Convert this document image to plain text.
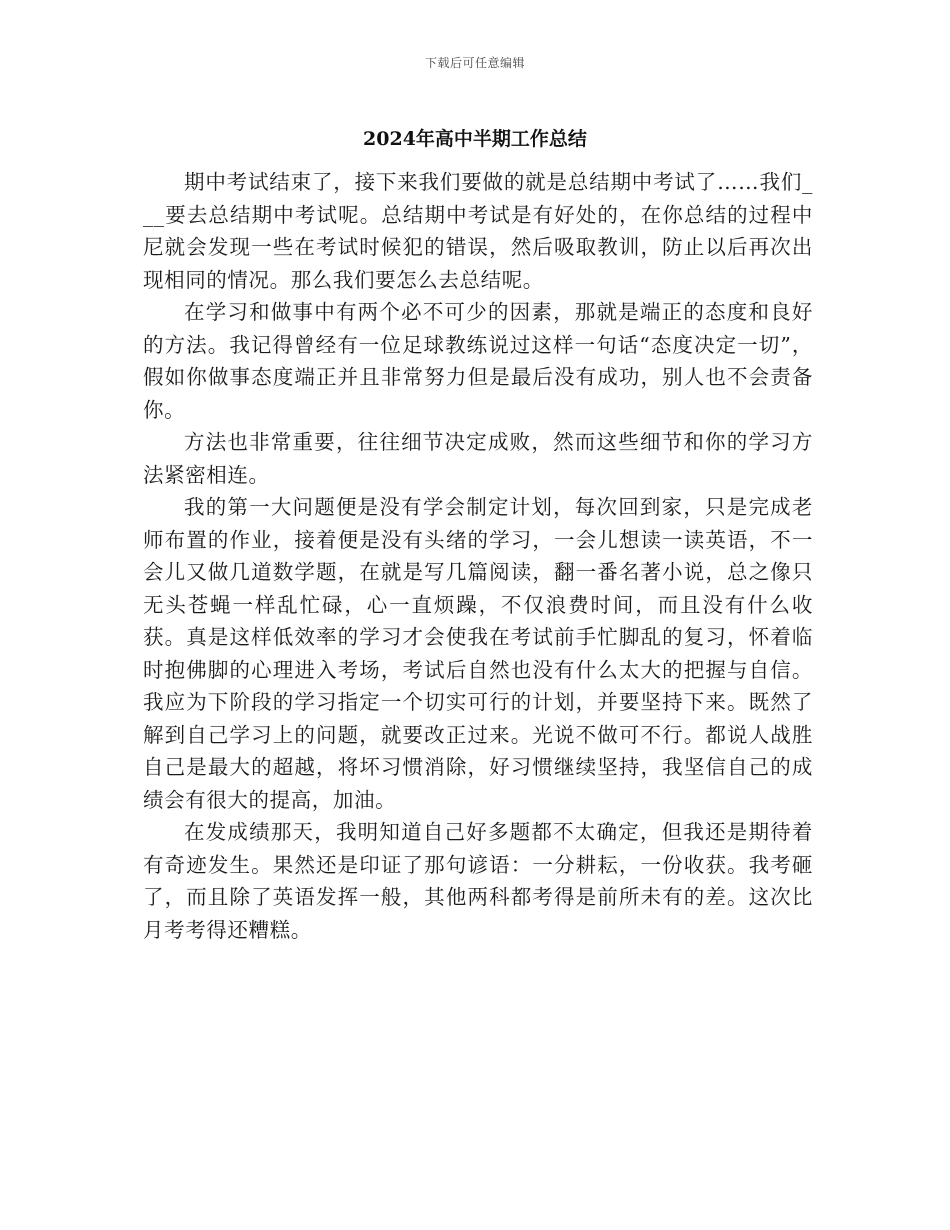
下载后可任意编辑
2024年高中半期工作总结

期中考试结束了，接下来我们要做的就是总结期中考试了……我们___要去总结期中考试呢。总结期中考试是有好处的，在你总结的过程中尼就会发现一些在考试时候犯的错误，然后吸取教训，防止以后再次出现相同的情况。那么我们要怎么去总结呢。

在学习和做事中有两个必不可少的因素，那就是端正的态度和良好的方法。我记得曾经有一位足球教练说过这样一句话“态度决定一切”，假如你做事态度端正并且非常努力但是最后没有成功，别人也不会责备你。

方法也非常重要，往往细节决定成败，然而这些细节和你的学习方法紧密相连。

我的第一大问题便是没有学会制定计划，每次回到家，只是完成老师布置的作业，接着便是没有头绪的学习，一会儿想读一读英语，不一会儿又做几道数学题，在就是写几篇阅读，翻一番名著小说，总之像只无头苍蝇一样乱忙碌，心一直烦躁，不仅浪费时间，而且没有什么收获。真是这样低效率的学习才会使我在考试前手忙脚乱的复习，怀着临时抱佛脚的心理进入考场，考试后自然也没有什么太大的把握与自信。我应为下阶段的学习指定一个切实可行的计划，并要坚持下来。既然了解到自己学习上的问题，就要改正过来。光说不做可不行。都说人战胜自己是最大的超越，将坏习惯消除，好习惯继续坚持，我坚信自己的成绩会有很大的提高，加油。

在发成绩那天，我明知道自己好多题都不太确定，但我还是期待着有奇迹发生。果然还是印证了那句谚语：一分耕耘，一份收获。我考砸了，而且除了英语发挥一般，其他两科都考得是前所未有的差。这次比月考考得还糟糕。
